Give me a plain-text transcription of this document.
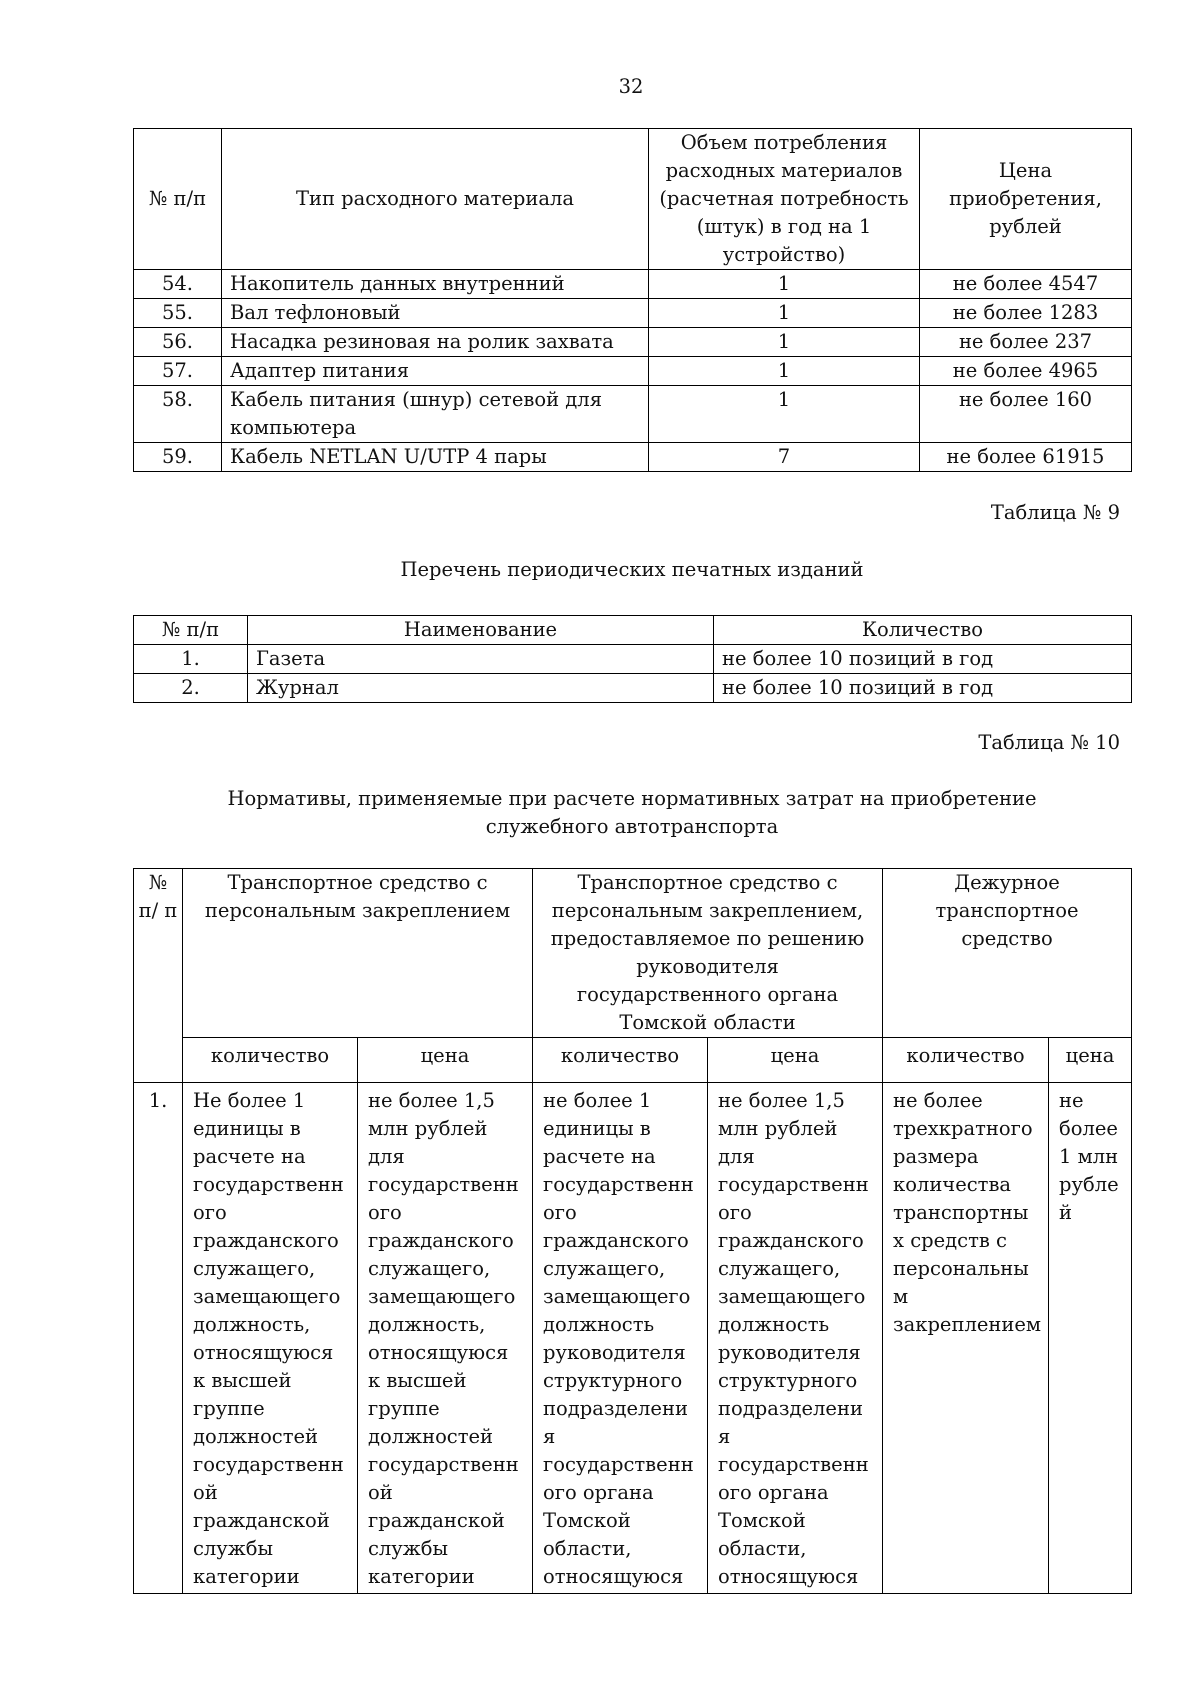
32
№ п/п	Тип расходного материала	Объем потребления расходных материалов (расчетная потребность (штук) в год на 1 устройство)	Цена приобретения, рублей
54.	Накопитель данных внутренний	1	не более 4547
55.	Вал тефлоновый	1	не более 1283
56.	Насадка резиновая на ролик захвата	1	не более 237
57.	Адаптер питания	1	не более 4965
58.	Кабель питания (шнур) сетевой для компьютера	1	не более 160
59.	Кабель NETLAN U/UTP 4 пары	7	не более 61915
Таблица № 9
Перечень периодических печатных изданий
№ п/п	Наименование	Количество
1.	Газета	не более 10 позиций в год
2.	Журнал	не более 10 позиций в год
Таблица № 10
Нормативы, применяемые при расчете нормативных затрат на приобретение
служебного автотранспорта
№ п/ п	Транспортное средство с персональным закреплением		Транспортное средство с персональным закреплением, предоставляемое по решению руководителя государственного органа Томской области		Дежурное транспортное средство	
	количество	цена	количество	цена	количество	цена
1.	Не более 1 единицы в расчете на государственн ого гражданского служащего, замещающего должность, относящуюся к высшей группе должностей государственн ой гражданской службы категории	не более 1,5 млн рублей для государственн ого гражданского служащего, замещающего должность, относящуюся к высшей группе должностей государственн ой гражданской службы категории	не более 1 единицы в расчете на государственн ого гражданского служащего, замещающего должность руководителя структурного подразделени я государственн ого органа Томской области, относящуюся	не более 1,5 млн рублей для государственн ого гражданского служащего, замещающего должность руководителя структурного подразделени я государственн ого органа Томской области, относящуюся	не более трехкратного размера количества транспортны х средств с персональны м закреплением	не более 1 млн рубле й
